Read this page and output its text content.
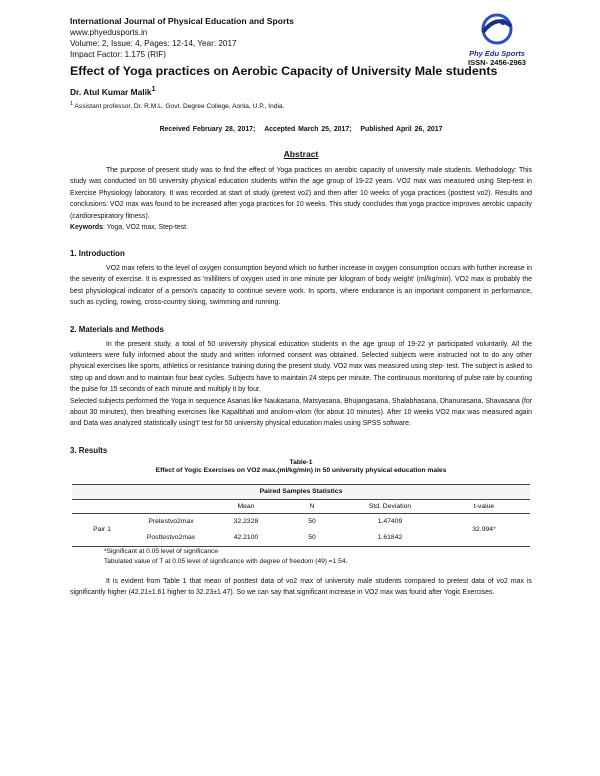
Phy Edu Sports
ISSN- 2456-2963
International Journal of Physical Education and Sports
www.phyedusports.in
Volume: 2, Issue: 4, Pages: 12-14, Year: 2017
Impact Factor: 1.175 (RIF)
Effect of Yoga practices on Aerobic Capacity of University Male students
Dr. Atul Kumar Malik$^1$
$^1$ Assistant professor, Dr. R.M.L. Govt. Degree College, Aonla, U.P., India.
Received February 28, 2017; Accepted March 25, 2017; Published April 26, 2017
Abstract

The purpose of present study was to find the effect of Yoga practices on aerobic capacity of university male students. Methodology: This study was conducted on 50 university physical education students within the age group of 19-22 years. VO2 max was measured using Step-test in Exercise Physiology laboratory. It was recorded at start of study (pretest vo2) and then after 10 weeks of yoga practices (posttest vo2). Results and conclusions: VO2 max was found to be increased after yoga practices for 10 weeks. This study concludes that yoga practice improves aerobic capacity (cardiorespiratory fitness).

Keywords: Yoga, VO2 max, Step-test.
1. Introduction

VO2 max refers to the level of oxygen consumption beyond which no further increase in oxygen consumption occurs with further increase in the severity of exercise. It is expressed as 'milliliters of oxygen used in one minute per kilogram of body weight' (ml/kg/min). VO2 max is probably the best physiological indicator of a person's capacity to continue severe work. In sports, where endurance is an important component in performance, such as cycling, rowing, cross-country skiing, swimming and running.

2. Materials and Methods

In the present study, a total of 50 university physical education students in the age group of 19-22 yr participated voluntarily. All the volunteers were fully informed about the study and written informed consent was obtained. Selected subjects were instructed not to do any other physical exercises like sports, athletics or resistance training during the present study. VO2 max was measured using step- test. The subject is asked to step up and down and to maintain four beat cycles. Subjects have to maintain 24 steps per minute. The continuous monitoring of pulse rate by counting the pulse for 15 seconds of each minute and multiply it by four.

Selected subjects performed the Yoga in sequence Asanas like Naukasana, Matsyasana, Bhujangasana, Shalabhasana, Dhanurasana, Shavasana (for about 30 minutes), then breathing exercises like Kapalbhati and anulom-vilom (for about 10 minutes). After 10 weeks VO2 max was measured again and Data was analyzed statistically using't' test for 50 university physical education males using SPSS software.

3. Results
Table-1
Effect of Yogic Exercises on VO2 max.(ml/kg/min) in 50 university physical education males
Paired Samples Statistics					
		Mean	N	Std. Deviation	t-value
Pair 1	Pretestvo2max	32.2328	50	1.47409	32.994*
	Posttestvo2max	42.2100	50	1.61842	
*Significant at 0.05 level of significance
Tabulated value of T at 0.05 level of significance with degree of freedom (49) =1.54.

It is evident from Table 1 that mean of posttest data of vo2 max of university male students compared to pretest data of vo2 max is significantly higher (42.21±1.61 higher to 32.23±1.47). So we can say that significant increase in VO2 max was found after Yogic Exercises.
